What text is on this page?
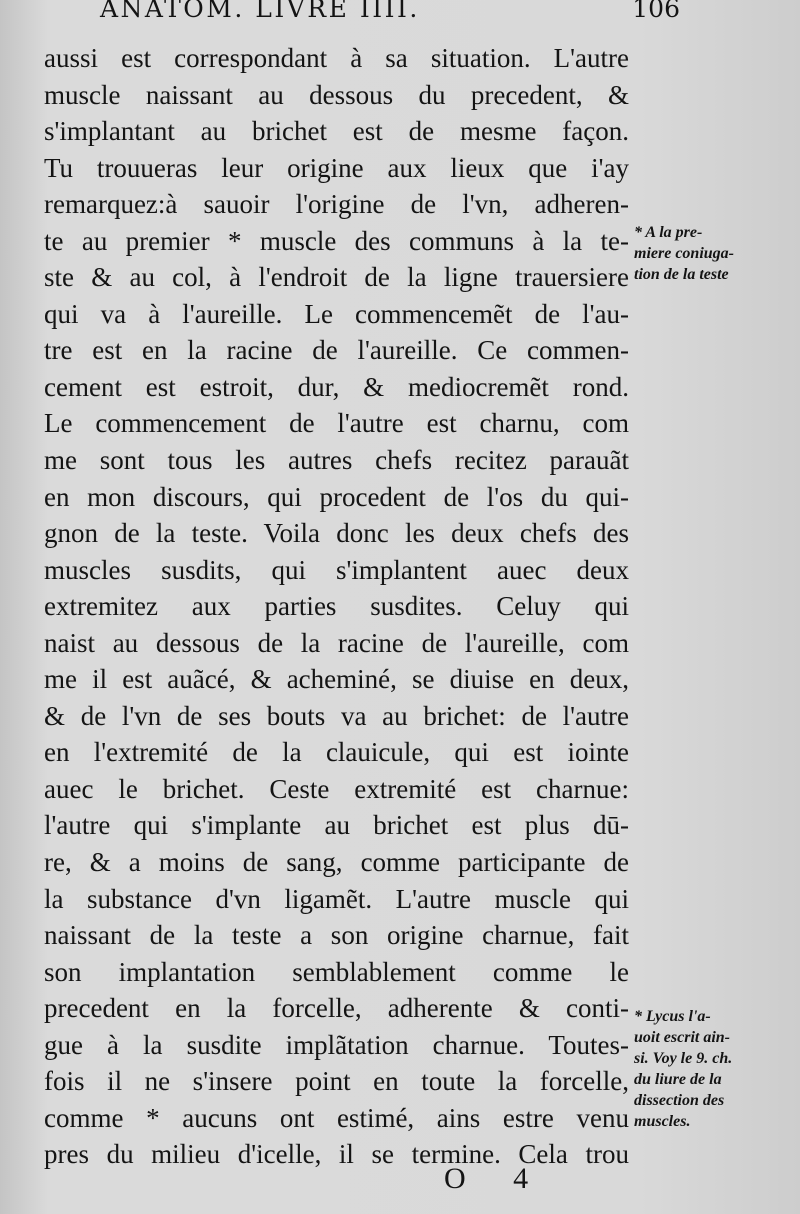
ANATOM. LIVRE IIII.	106
aussi est correspondant à sa situation. L'autre
muscle naissant au dessous du precedent, &
s'implantant au brichet est de mesme façon.
Tu trouueras leur origine aux lieux que i'ay
remarquez:à sauoir l'origine de l'vn, adheren-
te au premier * muscle des communs à la te-
ste & au col, à l'endroit de la ligne trauersiere
qui va à l'aureille. Le commencemẽt de l'au-
tre est en la racine de l'aureille. Ce commen-
cement est estroit, dur, & mediocremẽt rond.
Le commencement de l'autre est charnu, com
me sont tous les autres chefs recitez parauãt
en mon discours, qui procedent de l'os du qui-
gnon de la teste. Voila donc les deux chefs des
muscles susdits, qui s'implantent auec deux
extremitez aux parties susdites. Celuy qui
naist au dessous de la racine de l'aureille, com
me il est auãcé, & acheminé, se diuise en deux,
& de l'vn de ses bouts va au brichet: de l'autre
en l'extremité de la clauicule, qui est iointe
auec le brichet. Ceste extremité est charnue:
l'autre qui s'implante au brichet est plus dū-
re, & a moins de sang, comme participante de
la substance d'vn ligamẽt. L'autre muscle qui
naissant de la teste a son origine charnue, fait
son implantation semblablement comme le
precedent en la forcelle, adherente & conti-
gue à la susdite implãtation charnue. Toutes-
fois il ne s'insere point en toute la forcelle,
comme * aucuns ont estimé, ains estre venu
pres du milieu d'icelle, il se termine. Cela trou
* A la pre-
miere coniuga-
tion de la teste
* Lycus l'a-
uoit escrit ain-
si. Voy le 9. ch.
du liure de la
dissection des
muscles.
O 4
